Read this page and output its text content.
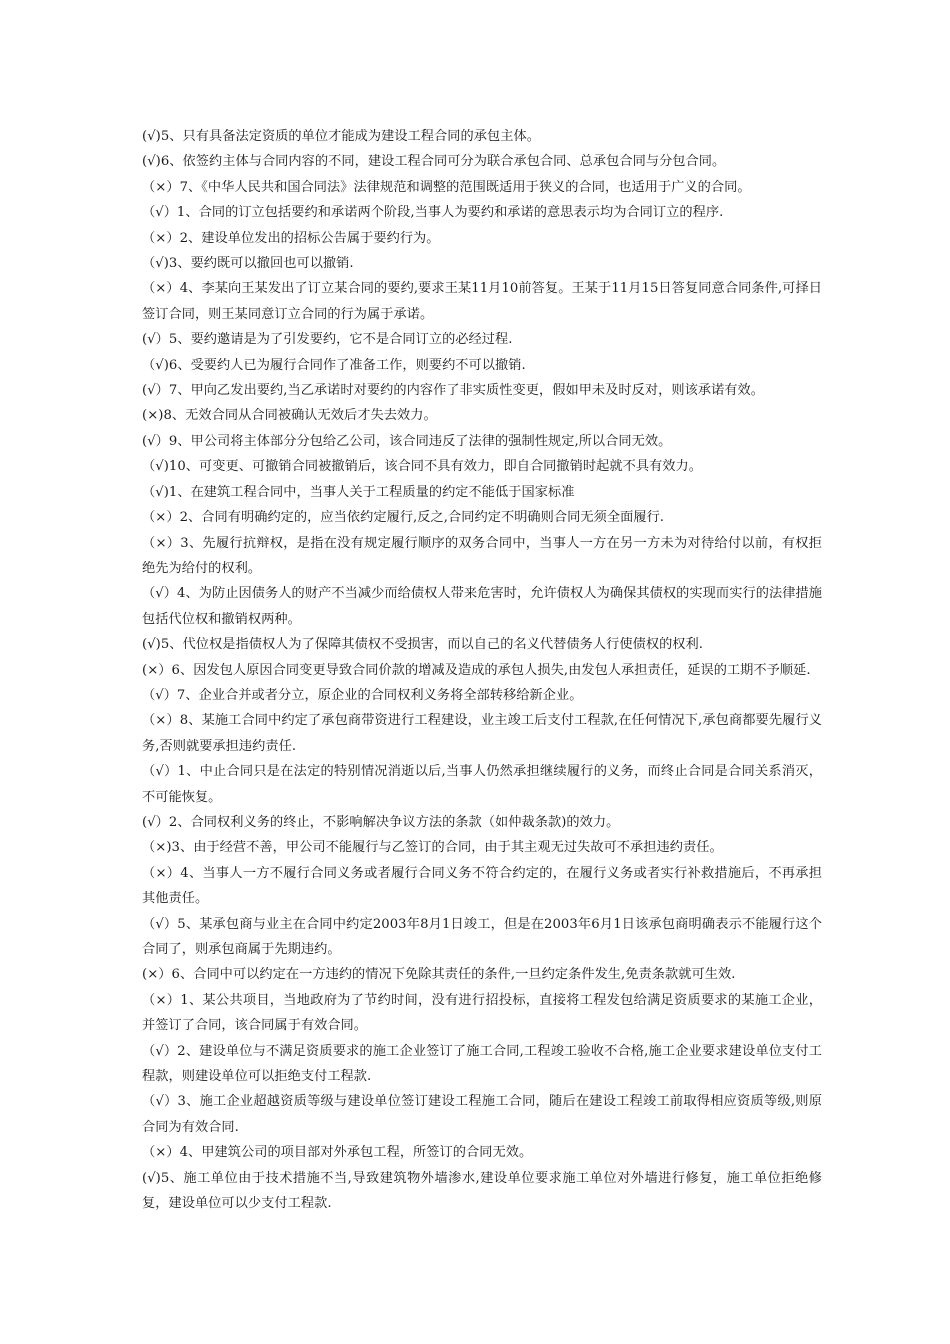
(√)5、只有具备法定资质的单位才能成为建设工程合同的承包主体。

(√)6、依签约主体与合同内容的不同，建设工程合同可分为联合承包合同、总承包合同与分包合同。

（×）7、《中华人民共和国合同法》法律规范和调整的范围既适用于狭义的合同，也适用于广义的合同。

（√）1、合同的订立包括要约和承诺两个阶段,当事人为要约和承诺的意思表示均为合同订立的程序.

（×）2、建设单位发出的招标公告属于要约行为。

（√)3、要约既可以撤回也可以撤销.

（×）4、李某向王某发出了订立某合同的要约,要求王某11月10前答复。王某于11月15日答复同意合同条件,可择日签订合同，则王某同意订立合同的行为属于承诺。

(√）5、要约邀请是为了引发要约，它不是合同订立的必经过程.

（√)6、受要约人已为履行合同作了准备工作，则要约不可以撤销.

(√）7、甲向乙发出要约,当乙承诺时对要约的内容作了非实质性变更，假如甲未及时反对，则该承诺有效。

(×)8、无效合同从合同被确认无效后才失去效力。

(√）9、甲公司将主体部分分包给乙公司，该合同违反了法律的强制性规定,所以合同无效。

（√)10、可变更、可撤销合同被撤销后，该合同不具有效力，即自合同撤销时起就不具有效力。

（√)1、在建筑工程合同中，当事人关于工程质量的约定不能低于国家标准

（×）2、合同有明确约定的，应当依约定履行,反之,合同约定不明确则合同无须全面履行.

（×）3、先履行抗辩权，是指在没有规定履行顺序的双务合同中，当事人一方在另一方未为对待给付以前，有权拒绝先为给付的权利。

（√）4、为防止因债务人的财产不当减少而给债权人带来危害时，允许债权人为确保其债权的实现而实行的法律措施包括代位权和撤销权两种。

(√)5、代位权是指债权人为了保障其债权不受损害，而以自己的名义代替债务人行使债权的权利.

(×）6、因发包人原因合同变更导致合同价款的增减及造成的承包人损失,由发包人承担责任，延误的工期不予顺延.

（√）7、企业合并或者分立，原企业的合同权利义务将全部转移给新企业。

（×）8、某施工合同中约定了承包商带资进行工程建设，业主竣工后支付工程款,在任何情况下,承包商都要先履行义务,否则就要承担违约责任.

（√）1、中止合同只是在法定的特别情况消逝以后,当事人仍然承担继续履行的义务，而终止合同是合同关系消灭，不可能恢复。

(√）2、合同权利义务的终止，不影响解决争议方法的条款（如仲裁条款)的效力。

（×)3、由于经营不善，甲公司不能履行与乙签订的合同，由于其主观无过失故可不承担违约责任。

（×）4、当事人一方不履行合同义务或者履行合同义务不符合约定的，在履行义务或者实行补救措施后，不再承担其他责任。

（√）5、某承包商与业主在合同中约定2003年8月1日竣工，但是在2003年6月1日该承包商明确表示不能履行这个合同了，则承包商属于先期违约。

(×）6、合同中可以约定在一方违约的情况下免除其责任的条件,一旦约定条件发生,免责条款就可生效.

（×）1、某公共项目，当地政府为了节约时间，没有进行招投标，直接将工程发包给满足资质要求的某施工企业，并签订了合同，该合同属于有效合同。

（√）2、建设单位与不满足资质要求的施工企业签订了施工合同,工程竣工验收不合格,施工企业要求建设单位支付工程款，则建设单位可以拒绝支付工程款.

（√）3、施工企业超越资质等级与建设单位签订建设工程施工合同，随后在建设工程竣工前取得相应资质等级,则原合同为有效合同.

（×）4、甲建筑公司的项目部对外承包工程，所签订的合同无效。

(√)5、施工单位由于技术措施不当,导致建筑物外墙渗水,建设单位要求施工单位对外墙进行修复，施工单位拒绝修复，建设单位可以少支付工程款.
